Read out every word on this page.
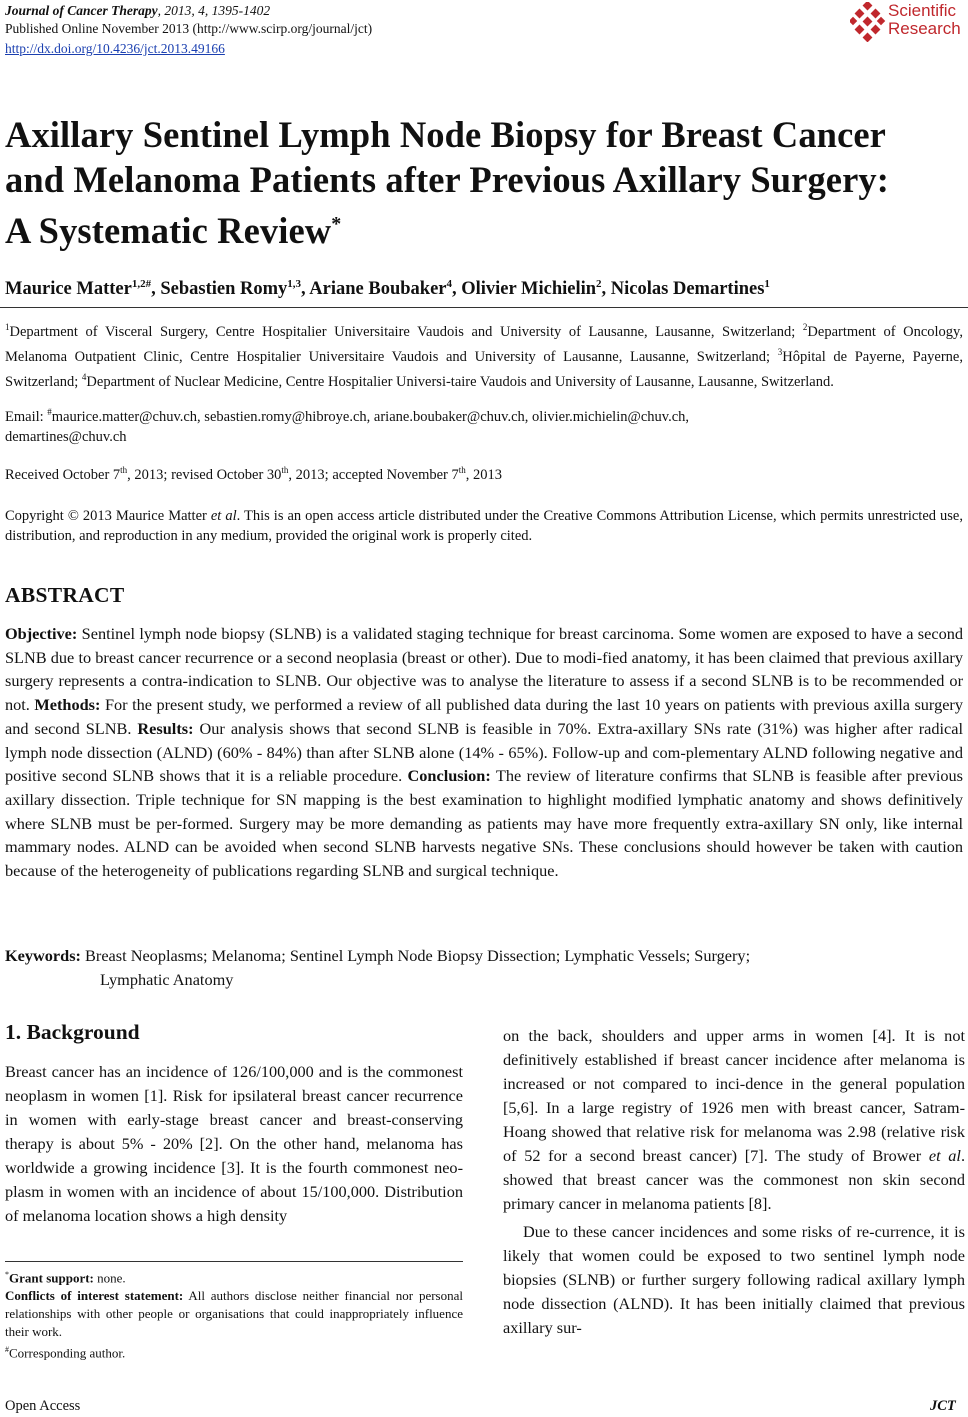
Journal of Cancer Therapy, 2013, 4, 1395-1402
Published Online November 2013 (http://www.scirp.org/journal/jct)
http://dx.doi.org/10.4236/jct.2013.49166
Scientific
Research
Axillary Sentinel Lymph Node Biopsy for Breast Cancer
and Melanoma Patients after Previous Axillary Surgery:
A Systematic Review*
Maurice Matter$^{1,2\#}$, Sebastien Romy$^{1,3}$, Ariane Boubaker$^4$, Olivier Michielin$^2$, Nicolas Demartines$^1$
$^1$Department of Visceral Surgery, Centre Hospitalier Universitaire Vaudois and University of Lausanne, Lausanne, Switzerland; $^2$Department of Oncology, Melanoma Outpatient Clinic, Centre Hospitalier Universitaire Vaudois and University of Lausanne, Lausanne, Switzerland; $^3$Hôpital de Payerne, Payerne, Switzerland; $^4$Department of Nuclear Medicine, Centre Hospitalier Universi-taire Vaudois and University of Lausanne, Lausanne, Switzerland.
Email: #maurice.matter@chuv.ch, sebastien.romy@hibroye.ch, ariane.boubaker@chuv.ch, olivier.michielin@chuv.ch,
demartines@chuv.ch
Received October 7th, 2013; revised October 30th, 2013; accepted November 7th, 2013
Copyright © 2013 Maurice Matter et al. This is an open access article distributed under the Creative Commons Attribution License, which permits unrestricted use, distribution, and reproduction in any medium, provided the original work is properly cited.
ABSTRACT
Objective: Sentinel lymph node biopsy (SLNB) is a validated staging technique for breast carcinoma. Some women are exposed to have a second SLNB due to breast cancer recurrence or a second neoplasia (breast or other). Due to modi-fied anatomy, it has been claimed that previous axillary surgery represents a contra-indication to SLNB. Our objective was to analyse the literature to assess if a second SLNB is to be recommended or not. Methods: For the present study, we performed a review of all published data during the last 10 years on patients with previous axilla surgery and second SLNB. Results: Our analysis shows that second SLNB is feasible in 70%. Extra-axillary SNs rate (31%) was higher after radical lymph node dissection (ALND) (60% - 84%) than after SLNB alone (14% - 65%). Follow-up and com-plementary ALND following negative and positive second SLNB shows that it is a reliable procedure. Conclusion: The review of literature confirms that SLNB is feasible after previous axillary dissection. Triple technique for SN mapping is the best examination to highlight modified lymphatic anatomy and shows definitively where SLNB must be per-formed. Surgery may be more demanding as patients may have more frequently extra-axillary SN only, like internal mammary nodes. ALND can be avoided when second SLNB harvests negative SNs. These conclusions should however be taken with caution because of the heterogeneity of publications regarding SLNB and surgical technique.
Keywords: Breast Neoplasms; Melanoma; Sentinel Lymph Node Biopsy Dissection; Lymphatic Vessels; Surgery;
Lymphatic Anatomy
1. Background
Breast cancer has an incidence of 126/100,000 and is the commonest neoplasm in women [1]. Risk for ipsilateral breast cancer recurrence in women with early-stage breast cancer and breast-conserving therapy is about 5% - 20% [2]. On the other hand, melanoma has worldwide a growing incidence [3]. It is the fourth commonest neo-plasm in women with an incidence of about 15/100,000. Distribution of melanoma location shows a high density
on the back, shoulders and upper arms in women [4]. It is not definitively established if breast cancer incidence after melanoma is increased or not compared to inci-dence in the general population [5,6]. In a large registry of 1926 men with breast cancer, Satram-Hoang showed that relative risk for melanoma was 2.98 (relative risk of 52 for a second breast cancer) [7]. The study of Brower et al. showed that breast cancer was the commonest non skin second primary cancer in melanoma patients [8].
Due to these cancer incidences and some risks of re-currence, it is likely that women could be exposed to two sentinel lymph node biopsies (SLNB) or further surgery following radical axillary lymph node dissection (ALND). It has been initially claimed that previous axillary sur-
*Grant support: none.
Conflicts of interest statement: All authors disclose neither financial nor personal relationships with other people or organisations that could inappropriately influence their work.
#Corresponding author.
Open Access	JCT
